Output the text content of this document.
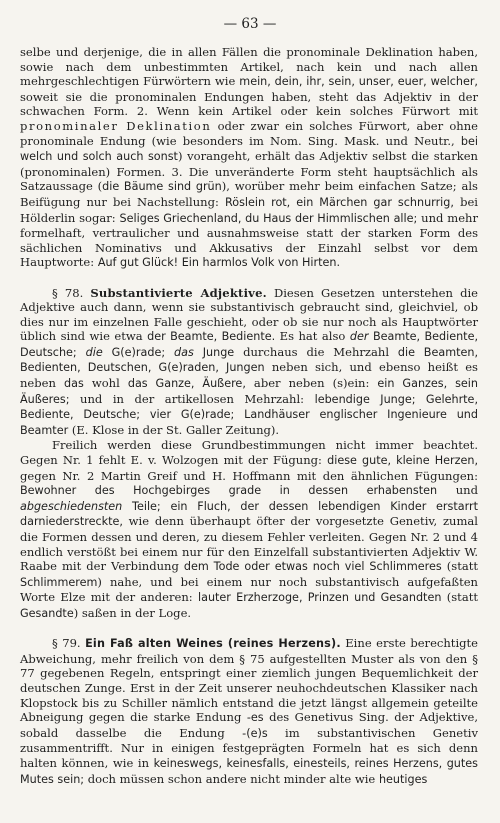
— 63 —

selbe und derjenige, die in allen Fällen die pronominale Deklination haben, sowie nach dem unbestimmten Artikel, nach kein und nach allen mehrgeschlechtigen Fürwörtern wie mein, dein, ihr, sein, unser, euer, welcher, soweit sie die pronominalen Endungen haben, steht das Adjektiv in der schwachen Form. 2. Wenn kein Artikel oder kein solches Fürwort mit pronominaler Deklination oder zwar ein solches Fürwort, aber ohne pronominale Endung (wie besonders im Nom. Sing. Mask. und Neutr., bei welch und solch auch sonst) vorangeht, erhält das Adjektiv selbst die starken (pronominalen) Formen. 3. Die unveränderte Form steht hauptsächlich als Satzaussage (die Bäume sind grün), worüber mehr beim einfachen Satze; als Beifügung nur bei Nachstellung: Röslein rot, ein Märchen gar schnurrig, bei Hölderlin sogar: Seliges Griechenland, du Haus der Himmlischen alle; und mehr formelhaft, vertraulicher und ausnahmsweise statt der starken Form des sächlichen Nominativs und Akkusativs der Einzahl selbst vor dem Hauptworte: Auf gut Glück! Ein harmlos Volk von Hirten.

§ 78. Substantivierte Adjektive. Diesen Gesetzen unterstehen die Adjektive auch dann, wenn sie substantivisch gebraucht sind, gleichviel, ob dies nur im einzelnen Falle geschieht, oder ob sie nur noch als Hauptwörter üblich sind wie etwa der Beamte, Bediente. Es hat also der Beamte, Bediente, Deutsche; die G(e)rade; das Junge durchaus die Mehrzahl die Beamten, Bedienten, Deutschen, G(e)raden, Jungen neben sich, und ebenso heißt es neben das wohl das Ganze, Äußere, aber neben (s)ein: ein Ganzes, sein Äußeres; und in der artikellosen Mehrzahl: lebendige Junge; Gelehrte, Bediente, Deutsche; vier G(e)rade; Landhäuser englischer Ingenieure und Beamter (E. Klose in der St. Galler Zeitung).

Freilich werden diese Grundbestimmungen nicht immer beachtet. Gegen Nr. 1 fehlt E. v. Wolzogen mit der Fügung: diese gute, kleine Herzen, gegen Nr. 2 Martin Greif und H. Hoffmann mit den ähnlichen Fügungen: Bewohner des Hochgebirges grade in dessen erhabensten und abgeschiedensten Teile; ein Fluch, der dessen lebendigen Kinder erstarrt darniederstreckte, wie denn überhaupt öfter der vorgesetzte Genetiv, zumal die Formen dessen und deren, zu diesem Fehler verleiten. Gegen Nr. 2 und 4 endlich verstößt bei einem nur für den Einzelfall substantivierten Adjektiv W. Raabe mit der Verbindung dem Tode oder etwas noch viel Schlimmeres (statt Schlimmerem) nahe, und bei einem nur noch substantivisch aufgefaßten Worte Elze mit der anderen: lauter Erzherzoge, Prinzen und Gesandten (statt Gesandte) saßen in der Loge.

§ 79. Ein Faß alten Weines (reines Herzens). Eine erste berechtigte Abweichung, mehr freilich von dem § 75 aufgestellten Muster als von den § 77 gegebenen Regeln, entspringt einer ziemlich jungen Bequemlichkeit der deutschen Zunge. Erst in der Zeit unserer neuhochdeutschen Klassiker nach Klopstock bis zu Schiller nämlich entstand die jetzt längst allgemein geteilte Abneigung gegen die starke Endung -es des Genetivus Sing. der Adjektive, sobald dasselbe die Endung -(e)s im substantivischen Genetiv zusammentrifft. Nur in einigen festgeprägten Formeln hat es sich denn halten können, wie in keineswegs, keinesfalls, einesteils, reines Herzens, gutes Mutes sein; doch müssen schon andere nicht minder alte wie heutiges
